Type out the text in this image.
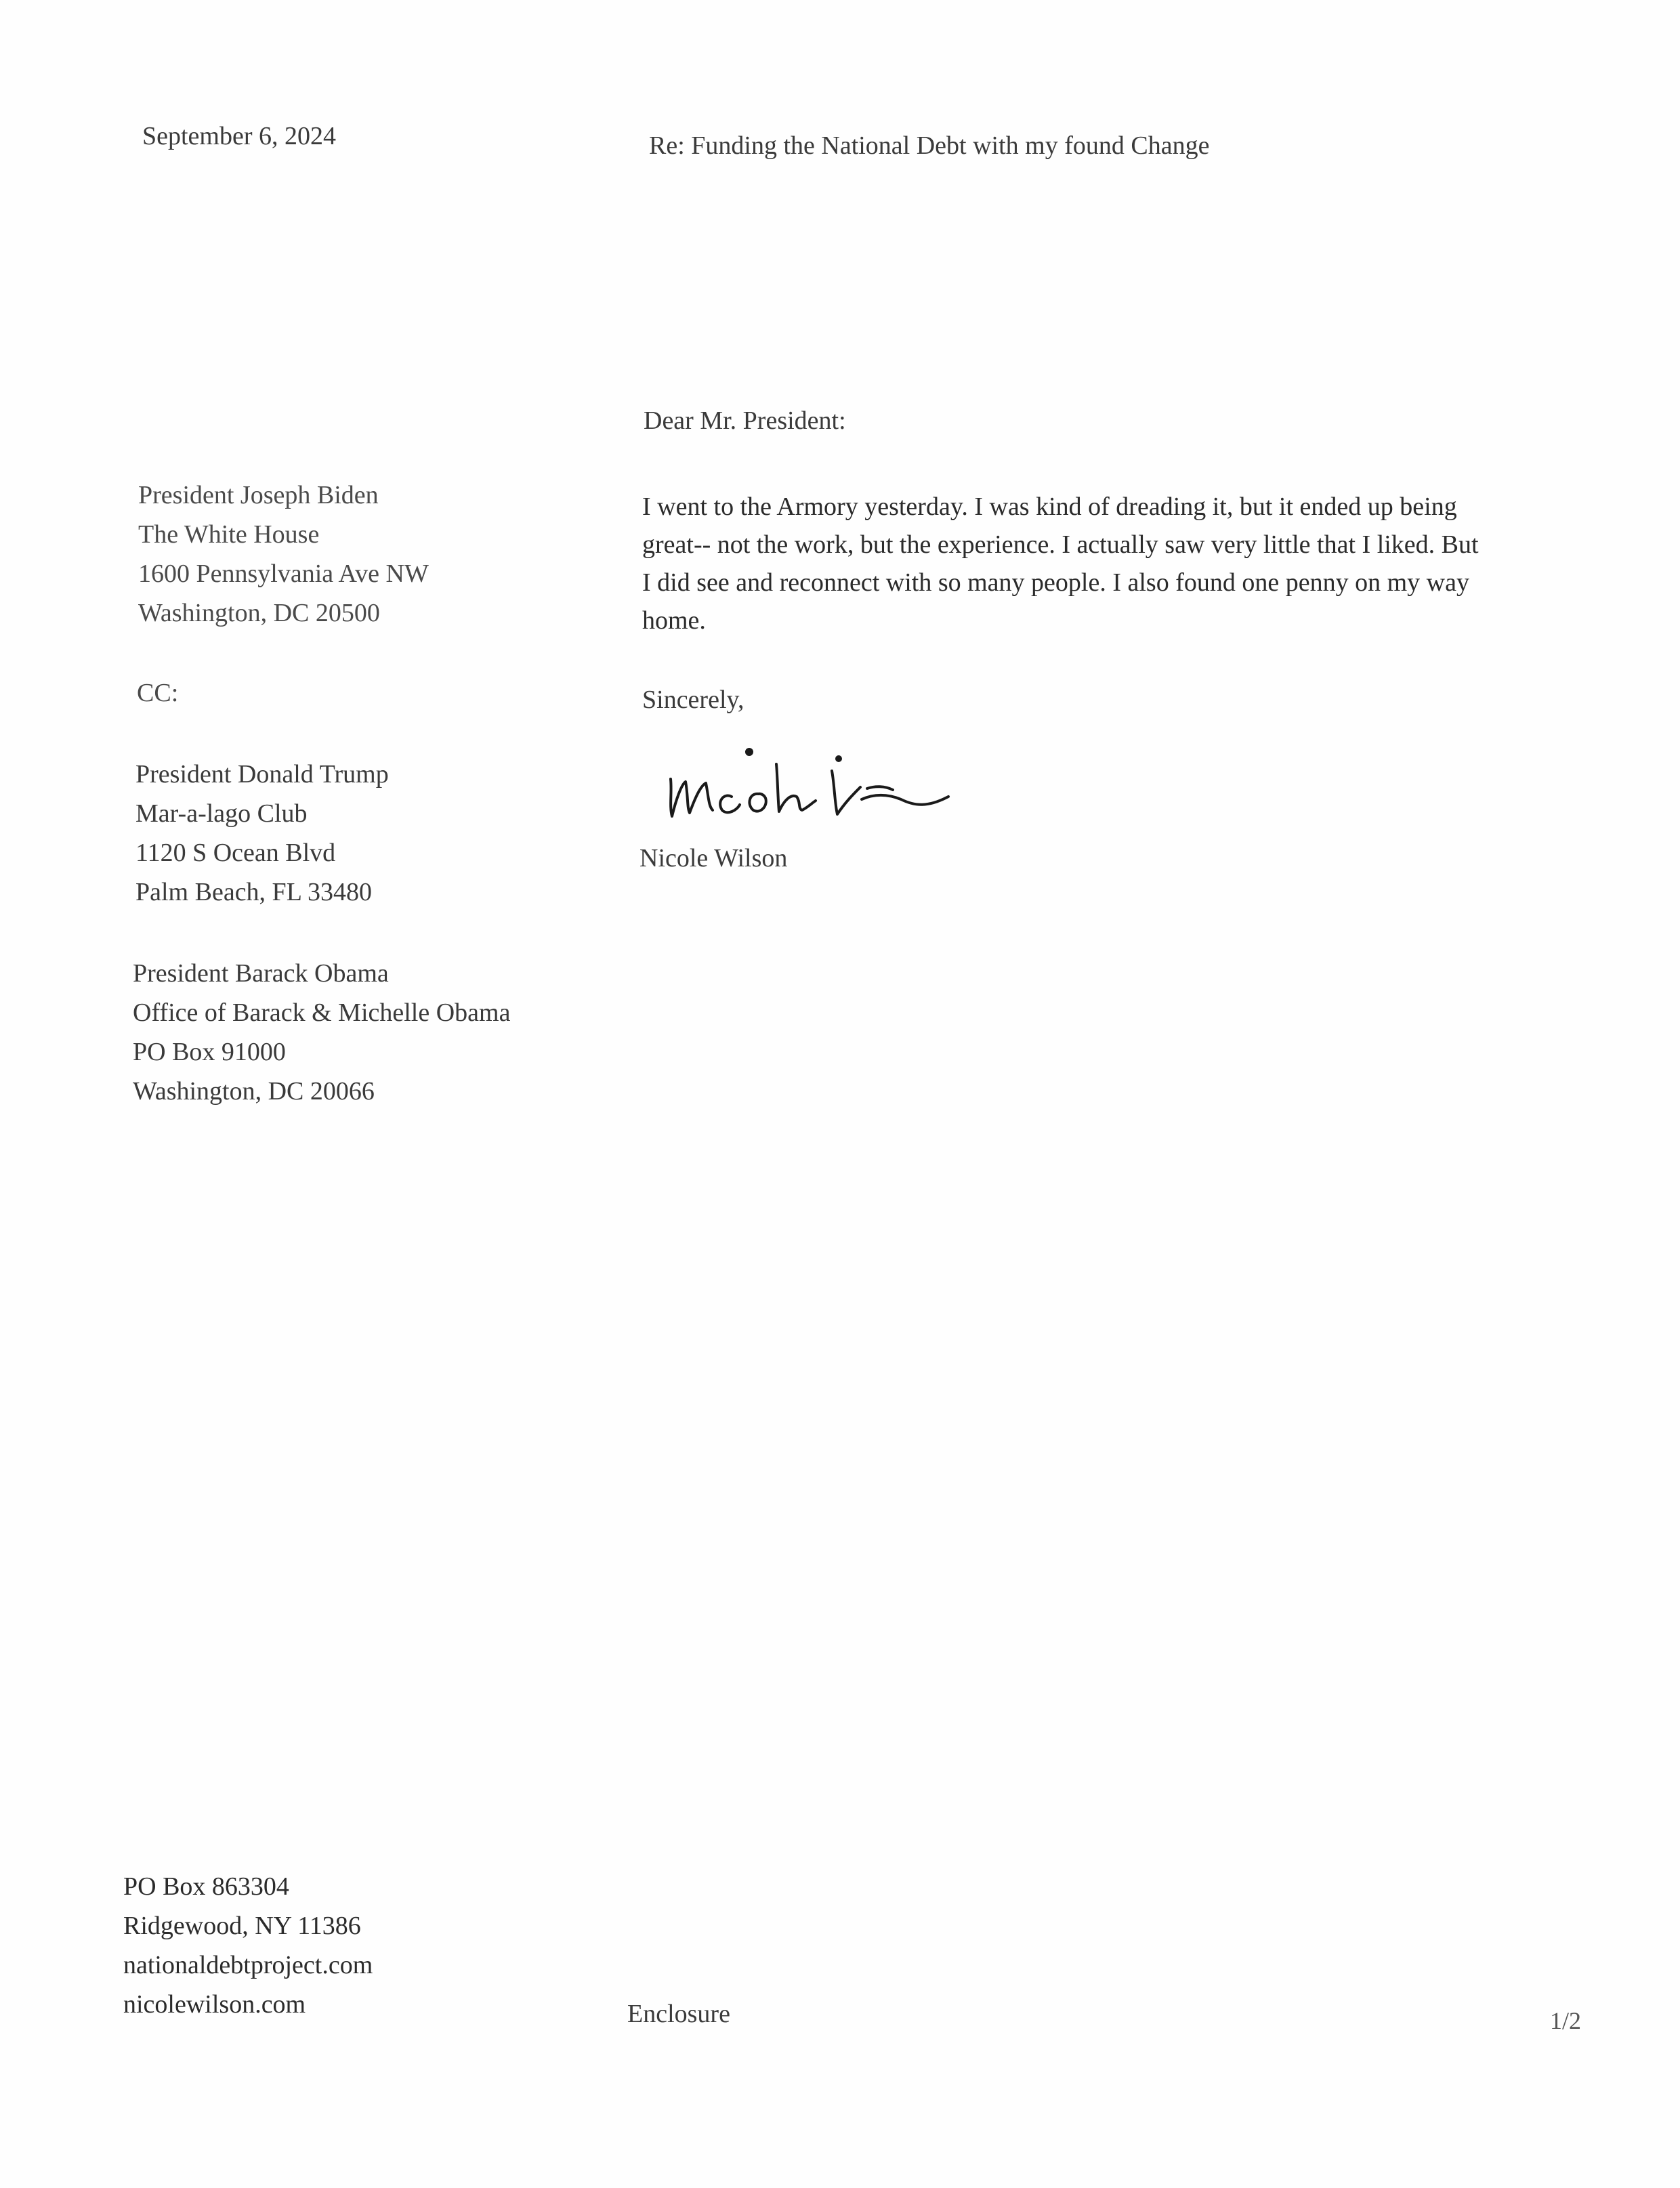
September 6, 2024	Re: Funding the National Debt with my found Change
Dear Mr. President:
President Joseph Biden
The White House
1600 Pennsylvania Ave NW
Washington, DC 20500
CC:
President Donald Trump
Mar-a-lago Club
1120 S Ocean Blvd
Palm Beach, FL 33480
President Barack Obama
Office of Barack & Michelle Obama
PO Box 91000
Washington, DC 20066
I went to the Armory yesterday. I was kind of dreading it, but it ended up being
great-- not the work, but the experience. I actually saw very little that I liked. But
I did see and reconnect with so many people. I also found one penny on my way
home.
Sincerely,
Nicole Wilson
PO Box 863304
Ridgewood, NY 11386
nationaldebtproject.com
nicolewilson.com	Enclosure	1/2
